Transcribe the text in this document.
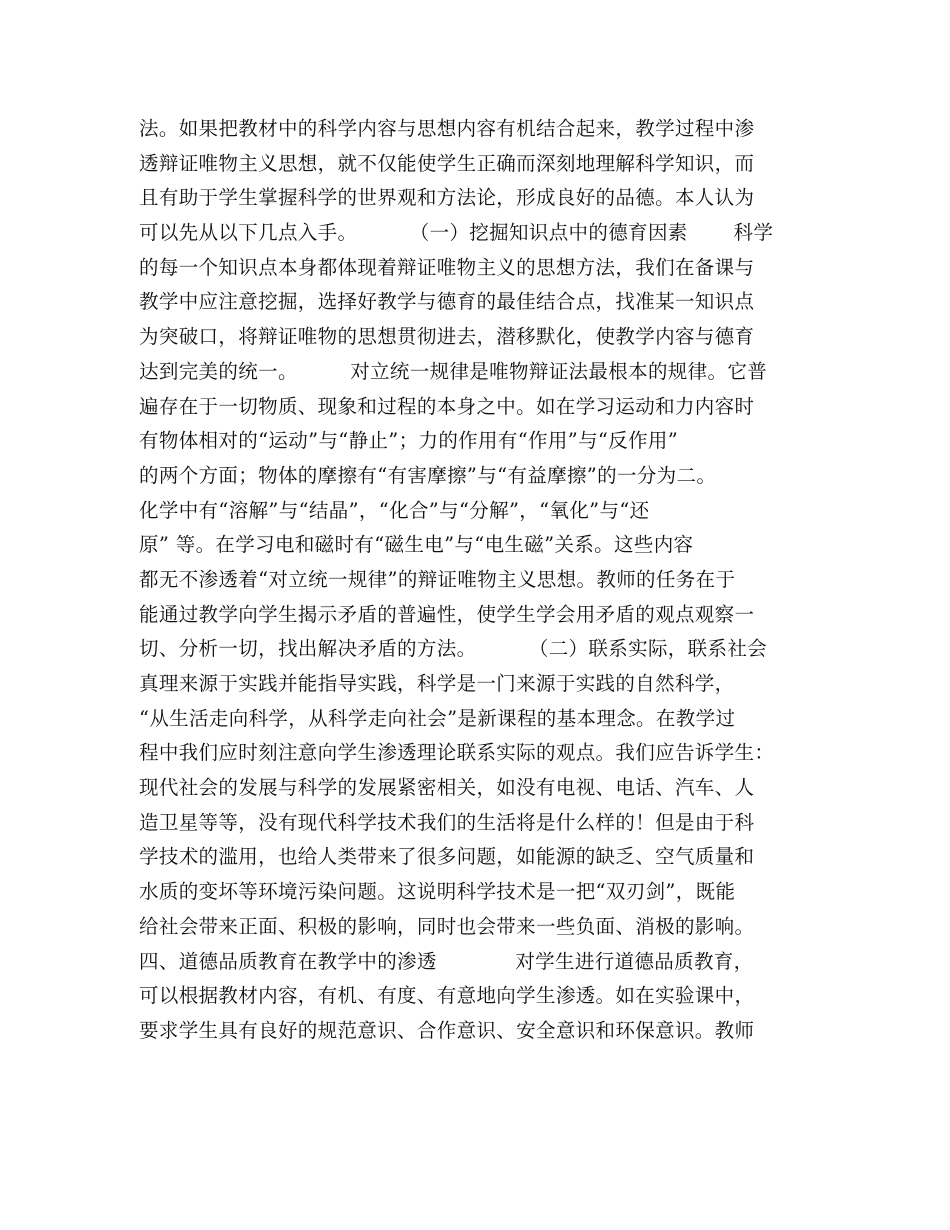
法。如果把教材中的科学内容与思想内容有机结合起来，教学过程中渗
透辩证唯物主义思想，就不仅能使学生正确而深刻地理解科学知识，而
且有助于学生掌握科学的世界观和方法论，形成良好的品德。本人认为
可以先从以下几点入手。        （一）挖掘知识点中的德育因素       科学
的每一个知识点本身都体现着辩证唯物主义的思想方法，我们在备课与
教学中应注意挖掘，选择好教学与德育的最佳结合点，找准某一知识点
为突破口，将辩证唯物的思想贯彻进去，潜移默化，使教学内容与德育
达到完美的统一。        对立统一规律是唯物辩证法最根本的规律。它普
遍存在于一切物质、现象和过程的本身之中。如在学习运动和力内容时
有物体相对的“运动”与“静止”；力的作用有“作用”与“反作用”
的两个方面；物体的摩擦有“有害摩擦”与“有益摩擦”的一分为二。
化学中有“溶解”与“结晶”，“化合”与“分解”，“氧化”与“还
原” 等。在学习电和磁时有“磁生电”与“电生磁”关系。这些内容
都无不渗透着“对立统一规律”的辩证唯物主义思想。教师的任务在于
能通过教学向学生揭示矛盾的普遍性，使学生学会用矛盾的观点观察一
切、分析一切，找出解决矛盾的方法。        （二）联系实际，联系社会
真理来源于实践并能指导实践，科学是一门来源于实践的自然科学，
“从生活走向科学，从科学走向社会”是新课程的基本理念。在教学过
程中我们应时刻注意向学生渗透理论联系实际的观点。我们应告诉学生：
现代社会的发展与科学的发展紧密相关，如没有电视、电话、汽车、人
造卫星等等，没有现代科学技术我们的生活将是什么样的！但是由于科
学技术的滥用，也给人类带来了很多问题，如能源的缺乏、空气质量和
水质的变坏等环境污染问题。这说明科学技术是一把“双刃剑”，既能
给社会带来正面、积极的影响，同时也会带来一些负面、消极的影响。
四、道德品质教育在教学中的渗透            对学生进行道德品质教育，
可以根据教材内容，有机、有度、有意地向学生渗透。如在实验课中，
要求学生具有良好的规范意识、合作意识、安全意识和环保意识。教师
